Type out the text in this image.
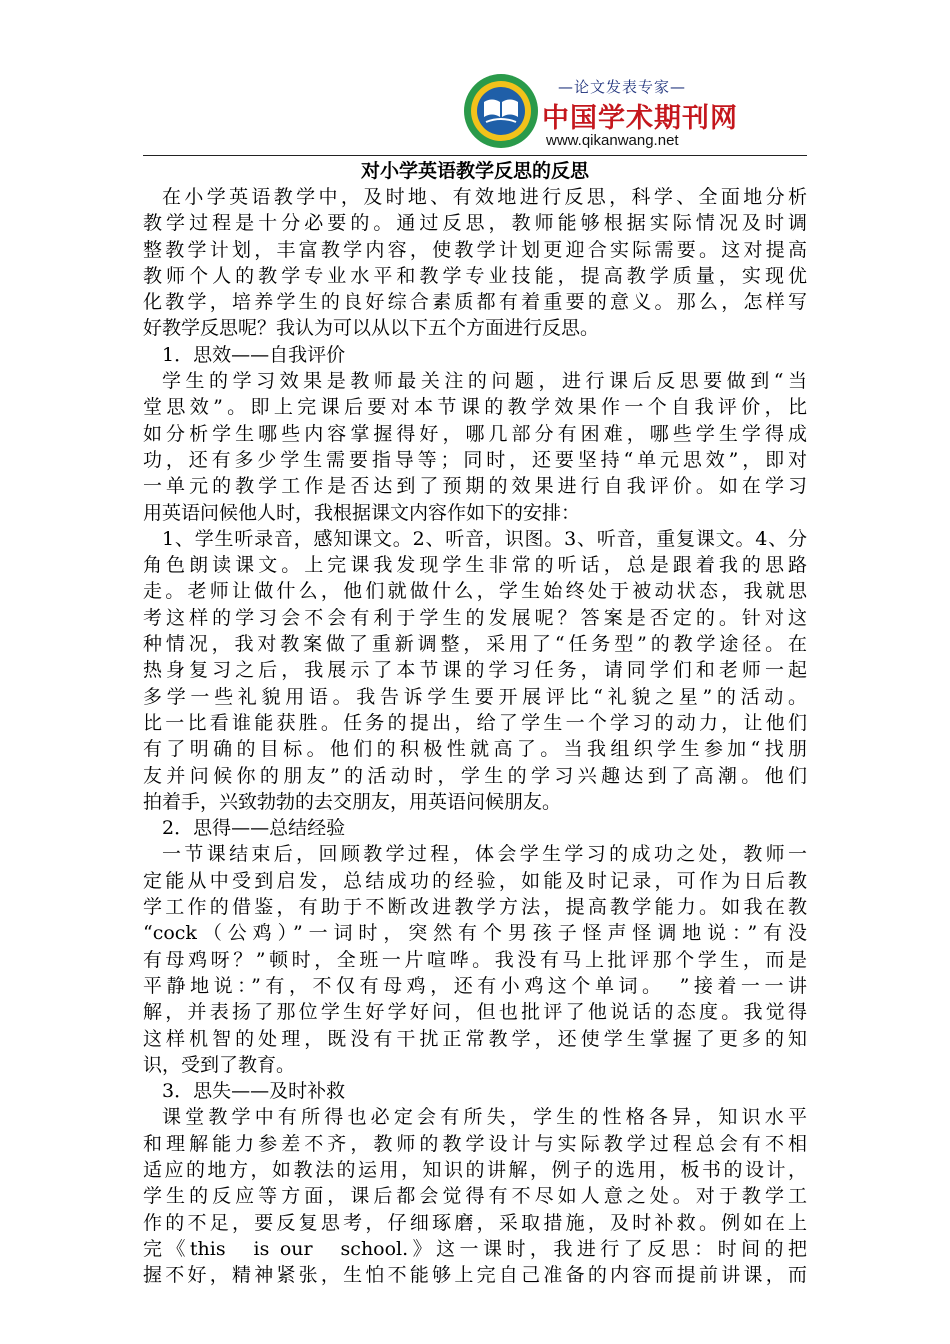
—论文发表专家—
中国学术期刊网
www.qikanwang.net
对小学英语教学反思的反思
在小学英语教学中，及时地、有效地进行反思，科学、全面地分析
教学过程是十分必要的。通过反思，教师能够根据实际情况及时调
整教学计划，丰富教学内容，使教学计划更迎合实际需要。这对提高
教师个人的教学专业水平和教学专业技能，提高教学质量，实现优
化教学，培养学生的良好综合素质都有着重要的意义。那么，怎样写
好教学反思呢？我认为可以从以下五个方面进行反思。
1．思效——自我评价
学生的学习效果是教师最关注的问题，进行课后反思要做到“当
堂思效”。即上完课后要对本节课的教学效果作一个自我评价，比
如分析学生哪些内容掌握得好，哪几部分有困难，哪些学生学得成
功，还有多少学生需要指导等；同时，还要坚持“单元思效”，即对
一单元的教学工作是否达到了预期的效果进行自我评价。如在学习
用英语问候他人时，我根据课文内容作如下的安排：
1、学生听录音，感知课文。2、听音，识图。3、听音，重复课文。4、分
角色朗读课文。上完课我发现学生非常的听话，总是跟着我的思路
走。老师让做什么，他们就做什么，学生始终处于被动状态，我就思
考这样的学习会不会有利于学生的发展呢？答案是否定的。针对这
种情况，我对教案做了重新调整，采用了“任务型”的教学途径。在
热身复习之后，我展示了本节课的学习任务，请同学们和老师一起
多学一些礼貌用语。我告诉学生要开展评比“礼貌之星”的活动。
比一比看谁能获胜。任务的提出，给了学生一个学习的动力，让他们
有了明确的目标。他们的积极性就高了。当我组织学生参加“找朋
友并问候你的朋友”的活动时，学生的学习兴趣达到了高潮。他们
拍着手，兴致勃勃的去交朋友，用英语问候朋友。
2．思得——总结经验
一节课结束后，回顾教学过程，体会学生学习的成功之处，教师一
定能从中受到启发，总结成功的经验，如能及时记录，可作为日后教
学工作的借鉴，有助于不断改进教学方法，提高教学能力。如我在教
“cock（公鸡）”一词时，突然有个男孩子怪声怪调地说：”有没
有母鸡呀？”顿时，全班一片喧哗。我没有马上批评那个学生，而是
平静地说：”有，不仅有母鸡，还有小鸡这个单词。　”接着一一讲
解，并表扬了那位学生好学好问，但也批评了他说话的态度。我觉得
这样机智的处理，既没有干扰正常教学，还使学生掌握了更多的知
识，受到了教育。
3．思失——及时补救
课堂教学中有所得也必定会有所失，学生的性格各异，知识水平
和理解能力参差不齐，教师的教学设计与实际教学过程总会有不相
适应的地方，如教法的运用，知识的讲解，例子的选用，板书的设计，
学生的反应等方面，课后都会觉得有不尽如人意之处。对于教学工
作的不足，要反复思考，仔细琢磨，采取措施，及时补救。例如在上
完《this　is our　school.》这一课时，我进行了反思：时间的把
握不好，精神紧张，生怕不能够上完自己准备的内容而提前讲课，而
